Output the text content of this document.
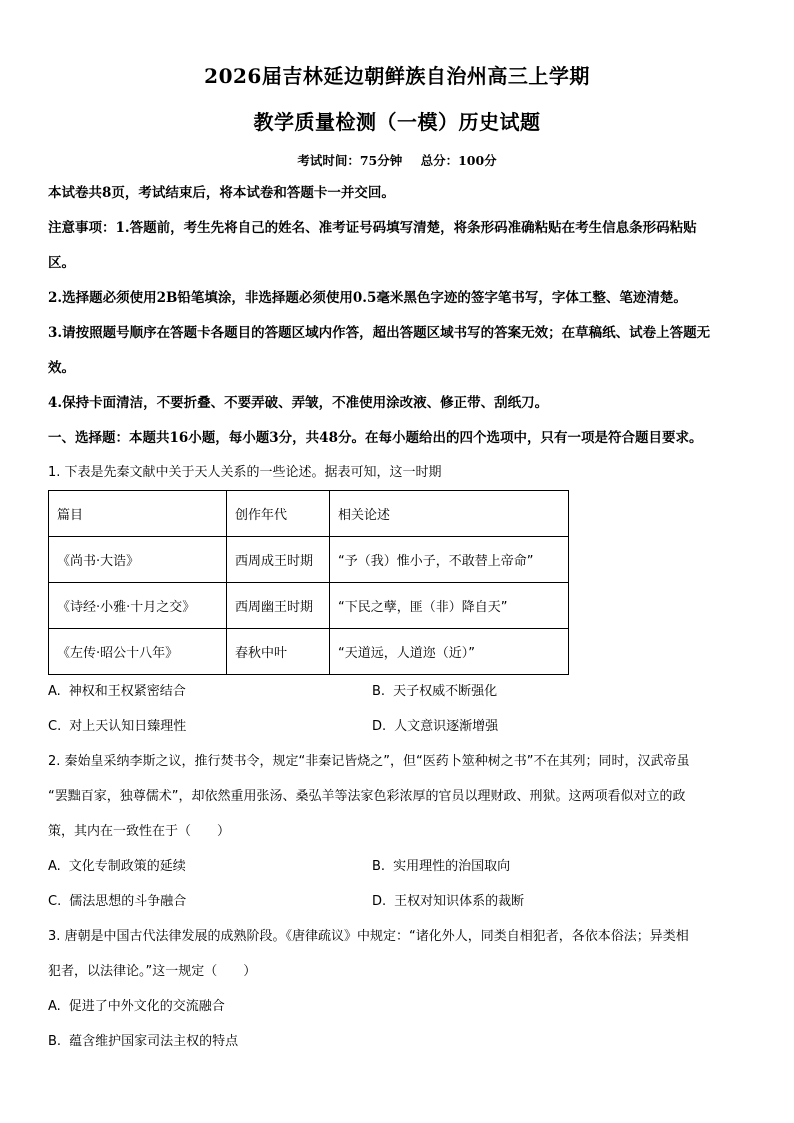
2026届吉林延边朝鲜族自治州高三上学期
教学质量检测（一模）历史试题
考试时间：75分钟 总分：100分
本试卷共8页，考试结束后，将本试卷和答题卡一并交回。
注意事项：1.答题前，考生先将自己的姓名、准考证号码填写清楚，将条形码准确粘贴在考生信息条形码粘贴
区。
2.选择题必须使用2B铅笔填涂，非选择题必须使用0.5毫米黑色字迹的签字笔书写，字体工整、笔迹清楚。
3.请按照题号顺序在答题卡各题目的答题区域内作答，超出答题区域书写的答案无效；在草稿纸、试卷上答题无
效。
4.保持卡面清洁，不要折叠、不要弄破、弄皱，不准使用涂改液、修正带、刮纸刀。
一、选择题：本题共16小题，每小题3分，共48分。在每小题给出的四个选项中，只有一项是符合题目要求。
1. 下表是先秦文献中关于天人关系的一些论述。据表可知，这一时期
篇目	创作年代	相关论述
《尚书·大诰》	西周成王时期	“予（我）惟小子，不敢替上帝命”
《诗经·小雅·十月之交》	西周幽王时期	“下民之孽，匪（非）降自天”
《左传·昭公十八年》	春秋中叶	“天道远，人道迩（近）”
A. 神权和王权紧密结合	B. 天子权威不断强化
C. 对上天认知日臻理性	D. 人文意识逐渐增强
2. 秦始皇采纳李斯之议，推行焚书令，规定“非秦记皆烧之”，但“医药卜筮种树之书”不在其列；同时，汉武帝虽
“罢黜百家，独尊儒术”，却依然重用张汤、桑弘羊等法家色彩浓厚的官员以理财政、刑狱。这两项看似对立的政
策，其内在一致性在于（　　）
A. 文化专制政策的延续	B. 实用理性的治国取向
C. 儒法思想的斗争融合	D. 王权对知识体系的裁断
3. 唐朝是中国古代法律发展的成熟阶段。《唐律疏议》中规定：“诸化外人，同类自相犯者，各依本俗法；异类相
犯者，以法律论。”这一规定（　　）
A. 促进了中外文化的交流融合
B. 蕴含维护国家司法主权的特点
